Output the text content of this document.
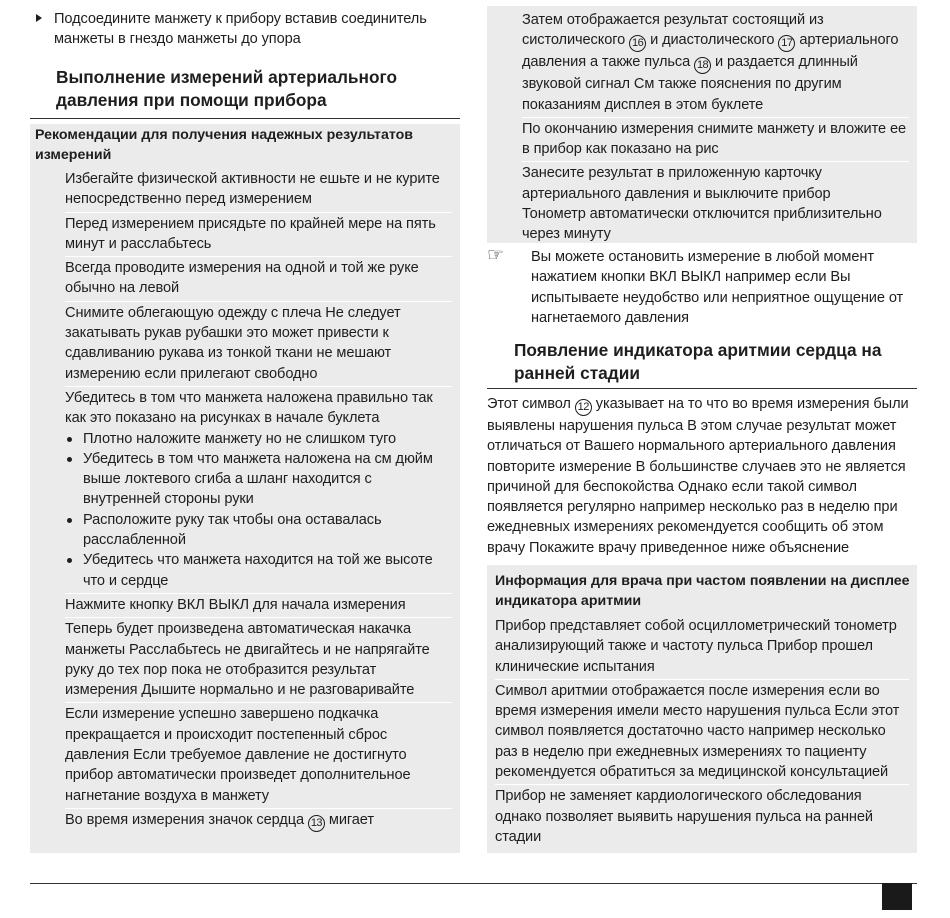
Подсоедините манжету к прибору вставив соединитель манжеты в гнездо манжеты до упора
Выполнение измерений артериального давления при помощи прибора
Рекомендации для получения надежных результатов измерений
Избегайте физической активности не ешьте и не курите непосредственно перед измерением
Перед измерением присядьте по крайней мере на пять минут и расслабьтесь
Всегда проводите измерения на одной и той же руке обычно на левой
Снимите облегающую одежду с плеча Не следует закатывать рукав рубашки это может привести к сдавливанию рукава из тонкой ткани не мешают измерению если прилегают свободно
Убедитесь в том что манжета наложена правильно так как это показано на рисунках в начале буклета
Плотно наложите манжету но не слишком туго
Убедитесь в том что манжета наложена на см дюйм выше локтевого сгиба а шланг находится с внутренней стороны руки
Расположите руку так чтобы она оставалась расслабленной
Убедитесь что манжета находится на той же высоте что и сердце
Нажмите кнопку ВКЛ ВЫКЛ для начала измерения
Теперь будет произведена автоматическая накачка манжеты Расслабьтесь не двигайтесь и не напрягайте руку до тех пор пока не отобразится результат измерения Дышите нормально и не разговаривайте
Если измерение успешно завершено подкачка прекращается и происходит постепенный сброс давления Если требуемое давление не достигнуто прибор автоматически произведет дополнительное нагнетание воздуха в манжету
Во время измерения значок сердца 13 мигает
Затем отображается результат состоящий из систолического 16 и диастолического 17 артериального давления а также пульса 18 и раздается длинный звуковой сигнал См также пояснения по другим показаниям дисплея в этом буклете
По окончанию измерения снимите манжету и вложите ее в прибор как показано на рис
Занесите результат в приложенную карточку артериального давления и выключите прибор
Тонометр автоматически отключится приблизительно через минуту
☞ Вы можете остановить измерение в любой момент нажатием кнопки ВКЛ ВЫКЛ например если Вы испытываете неудобство или неприятное ощущение от нагнетаемого давления
Появление индикатора аритмии сердца на ранней стадии
Этот символ 12 указывает на то что во время измерения были выявлены нарушения пульса В этом случае результат может отличаться от Вашего нормального артериального давления повторите измерение В большинстве случаев это не является причиной для беспокойства Однако если такой символ появляется регулярно например несколько раз в неделю при ежедневных измерениях рекомендуется сообщить об этом врачу Покажите врачу приведенное ниже объяснение
Информация для врача при частом появлении на дисплее индикатора аритмии
Прибор представляет собой осциллометрический тонометр анализирующий также и частоту пульса Прибор прошел клинические испытания
Символ аритмии отображается после измерения если во время измерения имели место нарушения пульса Если этот символ появляется достаточно часто например несколько раз в неделю при ежедневных измерениях то пациенту рекомендуется обратиться за медицинской консультацией
Прибор не заменяет кардиологического обследования однако позволяет выявить нарушения пульса на ранней стадии
